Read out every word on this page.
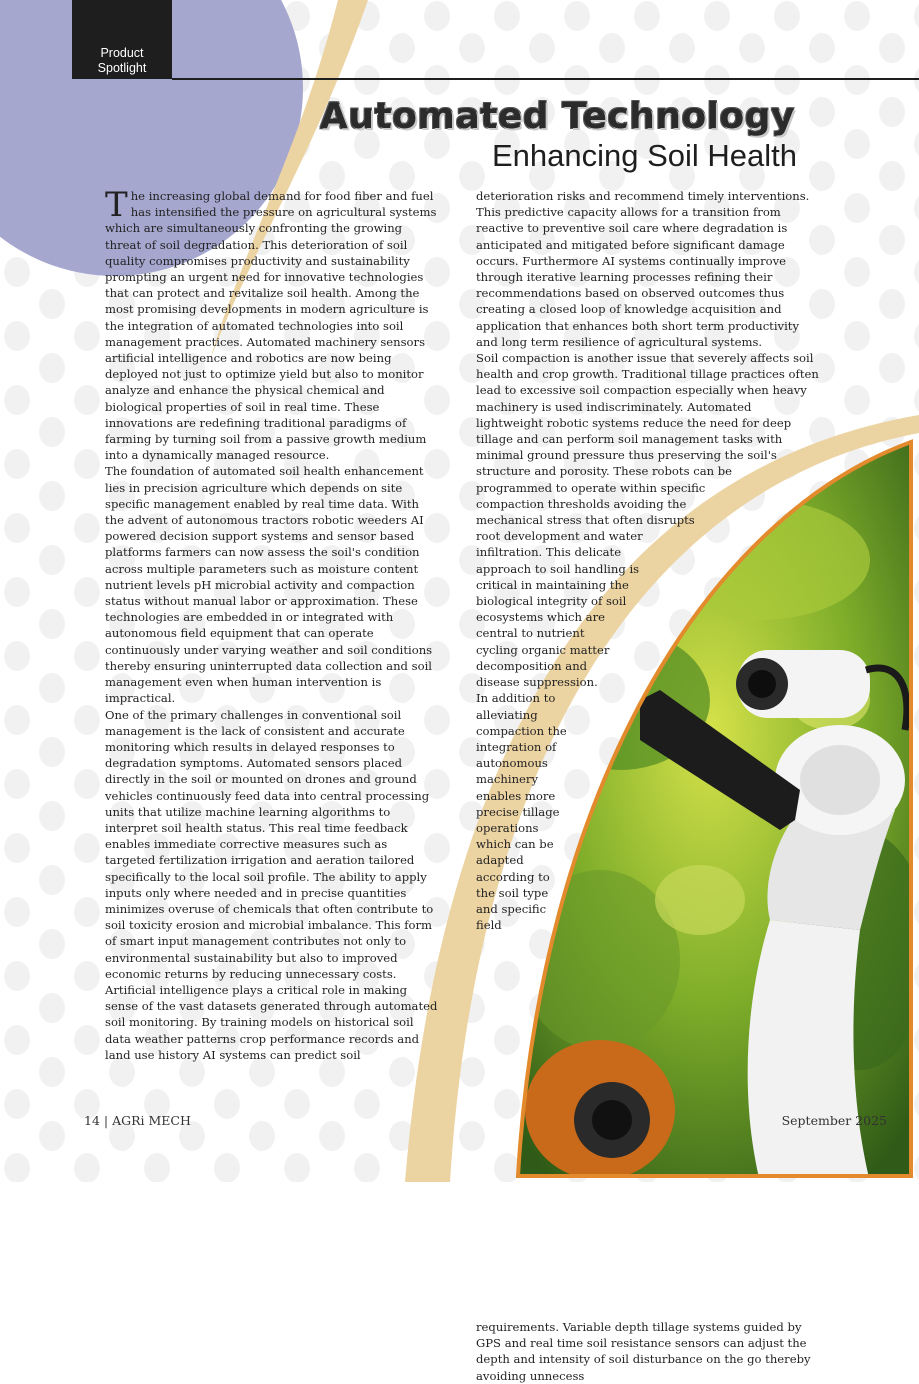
Product
Spotlight
Automated Technology
Enhancing Soil Health

The increasing global demand for food fiber and fuel has intensified the pressure on agricultural systems which are simultaneously confronting the growing threat of soil degradation. This deterioration of soil quality compromises productivity and sustainability prompting an urgent need for innovative technologies that can protect and revitalize soil health. Among the most promising developments in modern agriculture is the integration of automated technologies into soil management practices. Automated machinery sensors artificial intelligence and robotics are now being deployed not just to optimize yield but also to monitor analyze and enhance the physical chemical and biological properties of soil in real time. These innovations are redefining traditional paradigms of farming by turning soil from a passive growth medium into a dynamically managed resource.

The foundation of automated soil health enhancement lies in precision agriculture which depends on site specific management enabled by real time data. With the advent of autonomous tractors robotic weeders AI powered decision support systems and sensor based platforms farmers can now assess the soil's condition across multiple parameters such as moisture content nutrient levels pH microbial activity and compaction status without manual labor or approximation. These technologies are embedded in or integrated with autonomous field equipment that can operate continuously under varying weather and soil conditions thereby ensuring uninterrupted data collection and soil management even when human intervention is impractical.

One of the primary challenges in conventional soil management is the lack of consistent and accurate monitoring which results in delayed responses to degradation symptoms. Automated sensors placed directly in the soil or mounted on drones and ground vehicles continuously feed data into central processing units that utilize machine learning algorithms to interpret soil health status. This real time feedback enables immediate corrective measures such as targeted fertilization irrigation and aeration tailored specifically to the local soil profile. The ability to apply inputs only where needed and in precise quantities minimizes overuse of chemicals that often contribute to soil toxicity erosion and microbial imbalance. This form of smart input management contributes not only to environmental sustainability but also to improved economic returns by reducing unnecessary costs.

Artificial intelligence plays a critical role in making sense of the vast datasets generated through automated soil monitoring. By training models on historical soil data weather patterns crop performance records and land use history AI systems can predict soil

deterioration risks and recommend timely interventions. This predictive capacity allows for a transition from reactive to preventive soil care where degradation is anticipated and mitigated before significant damage occurs. Furthermore AI systems continually improve through iterative learning processes refining their recommendations based on observed outcomes thus creating a closed loop of knowledge acquisition and application that enhances both short term productivity and long term resilience of agricultural systems.

Soil compaction is another issue that severely affects soil health and crop growth. Traditional tillage practices often lead to excessive soil compaction especially when heavy machinery is used indiscriminately. Automated lightweight robotic systems reduce the need for deep tillage and can perform soil management tasks with minimal ground pressure thus preserving the soil's structure and porosity. These robots can be programmed to operate within specific compaction thresholds avoiding the mechanical stress that often disrupts root development and water infiltration. This delicate approach to soil handling is critical in maintaining the biological integrity of soil ecosystems which are central to nutrient cycling organic matter decomposition and disease suppression.

In addition to alleviating compaction the integration of autonomous machinery enables more precise tillage operations which can be adapted according to the soil type and specific field requirements. Variable depth tillage systems guided by GPS and real time soil resistance sensors can adjust the depth and intensity of soil disturbance on the go thereby avoiding unnecess

14 | AGRi MECH	September 2025
